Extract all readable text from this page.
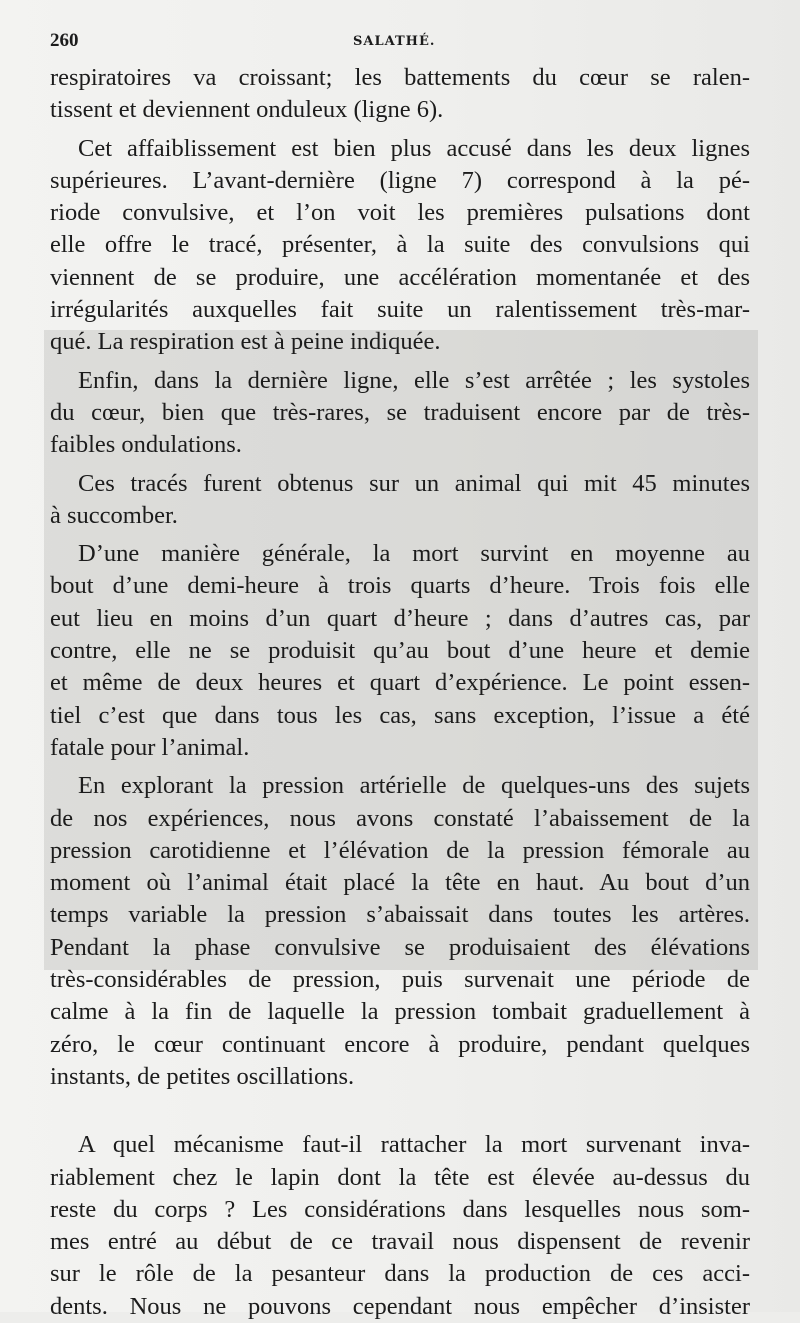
260	SALATHÉ.
respiratoires va croissant; les battements du cœur se ralen-
tissent et deviennent onduleux (ligne 6).
Cet affaiblissement est bien plus accusé dans les deux lignes
supérieures. L’avant-dernière (ligne 7) correspond à la pé-
riode convulsive, et l’on voit les premières pulsations dont
elle offre le tracé, présenter, à la suite des convulsions qui
viennent de se produire, une accélération momentanée et des
irrégularités auxquelles fait suite un ralentissement très-mar-
qué. La respiration est à peine indiquée.
Enfin, dans la dernière ligne, elle s’est arrêtée ; les systoles
du cœur, bien que très-rares, se traduisent encore par de très-
faibles ondulations.
Ces tracés furent obtenus sur un animal qui mit 45 minutes
à succomber.
D’une manière générale, la mort survint en moyenne au
bout d’une demi-heure à trois quarts d’heure. Trois fois elle
eut lieu en moins d’un quart d’heure ; dans d’autres cas, par
contre, elle ne se produisit qu’au bout d’une heure et demie
et même de deux heures et quart d’expérience. Le point essen-
tiel c’est que dans tous les cas, sans exception, l’issue a été
fatale pour l’animal.
En explorant la pression artérielle de quelques-uns des sujets
de nos expériences, nous avons constaté l’abaissement de la
pression carotidienne et l’élévation de la pression fémorale au
moment où l’animal était placé la tête en haut. Au bout d’un
temps variable la pression s’abaissait dans toutes les artères.
Pendant la phase convulsive se produisaient des élévations
très-considérables de pression, puis survenait une période de
calme à la fin de laquelle la pression tombait graduellement à
zéro, le cœur continuant encore à produire, pendant quelques
instants, de petites oscillations.
A quel mécanisme faut-il rattacher la mort survenant inva-
riablement chez le lapin dont la tête est élevée au-dessus du
reste du corps ? Les considérations dans lesquelles nous som-
mes entré au début de ce travail nous dispensent de revenir
sur le rôle de la pesanteur dans la production de ces acci-
dents. Nous ne pouvons cependant nous empêcher d’insister
